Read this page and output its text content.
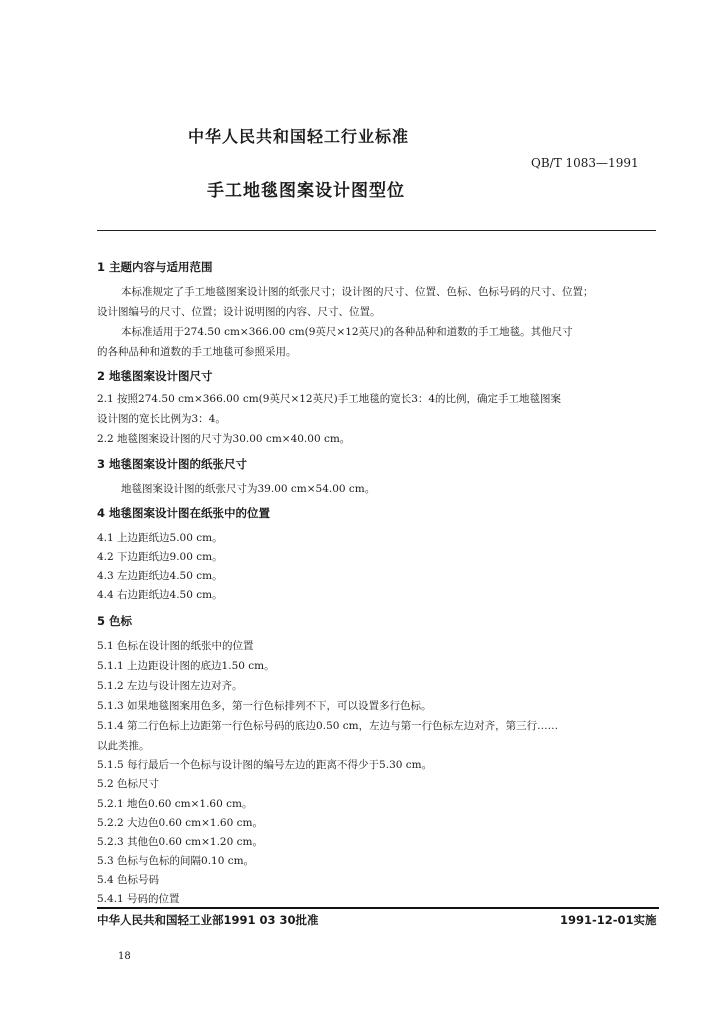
中华人民共和国轻工行业标准
QB/T 1083—1991
手工地毯图案设计图型位
1 主题内容与适用范围
本标准规定了手工地毯图案设计图的纸张尺寸；设计图的尺寸、位置、色标、色标号码的尺寸、位置；
设计图编号的尺寸、位置；设计说明图的内容、尺寸、位置。
本标准适用于274.50 cm×366.00 cm(9英尺×12英尺)的各种品种和道数的手工地毯。其他尺寸
的各种品种和道数的手工地毯可参照采用。
2 地毯图案设计图尺寸
2.1 按照274.50 cm×366.00 cm(9英尺×12英尺)手工地毯的宽长3：4的比例，确定手工地毯图案
设计图的宽长比例为3：4。
2.2 地毯图案设计图的尺寸为30.00 cm×40.00 cm。
3 地毯图案设计图的纸张尺寸
地毯图案设计图的纸张尺寸为39.00 cm×54.00 cm。
4 地毯图案设计图在纸张中的位置
4.1 上边距纸边5.00 cm。
4.2 下边距纸边9.00 cm。
4.3 左边距纸边4.50 cm。
4.4 右边距纸边4.50 cm。
5 色标
5.1 色标在设计图的纸张中的位置
5.1.1 上边距设计图的底边1.50 cm。
5.1.2 左边与设计图左边对齐。
5.1.3 如果地毯图案用色多，第一行色标排列不下，可以设置多行色标。
5.1.4 第二行色标上边距第一行色标号码的底边0.50 cm，左边与第一行色标左边对齐，第三行……
以此类推。
5.1.5 每行最后一个色标与设计图的编号左边的距离不得少于5.30 cm。
5.2 色标尺寸
5.2.1 地色0.60 cm×1.60 cm。
5.2.2 大边色0.60 cm×1.60 cm。
5.2.3 其他色0.60 cm×1.20 cm。
5.3 色标与色标的间隔0.10 cm。
5.4 色标号码
5.4.1 号码的位置
中华人民共和国轻工业部1991 03 30批准	1991-12-01实施
18
